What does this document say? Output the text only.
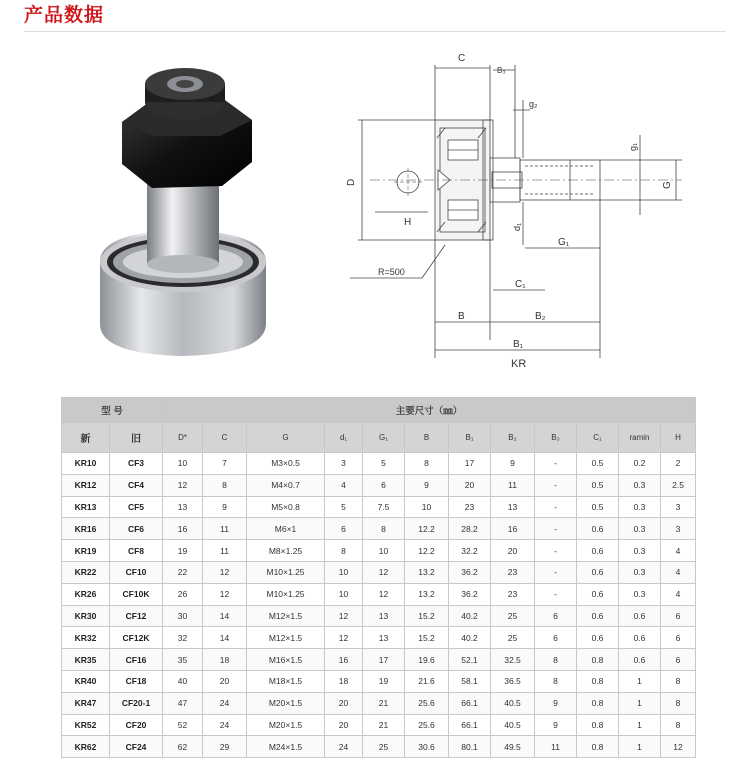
产品数据
C
B₃
g₂
g₁
D	G
H	d₁
G₁
R=500
C₁
B	B₂
B₁
KR
型 号		主要尺寸（㎜）											
新	旧	D*	C	G	d₁	G₁	B	B₁	B₂	B₃	C₁	ramin	H
KR10	CF3	10	7	M3×0.5	3	5	8	17	9	-	0.5	0.2	2
KR12	CF4	12	8	M4×0.7	4	6	9	20	11	-	0.5	0.3	2.5
KR13	CF5	13	9	M5×0.8	5	7.5	10	23	13	-	0.5	0.3	3
KR16	CF6	16	11	M6×1	6	8	12.2	28.2	16	-	0.6	0.3	3
KR19	CF8	19	11	M8×1.25	8	10	12.2	32.2	20	-	0.6	0.3	4
KR22	CF10	22	12	M10×1.25	10	12	13.2	36.2	23	-	0.6	0.3	4
KR26	CF10K	26	12	M10×1.25	10	12	13.2	36.2	23	-	0.6	0.3	4
KR30	CF12	30	14	M12×1.5	12	13	15.2	40.2	25	6	0.6	0.6	6
KR32	CF12K	32	14	M12×1.5	12	13	15.2	40.2	25	6	0.6	0.6	6
KR35	CF16	35	18	M16×1.5	16	17	19.6	52.1	32.5	8	0.8	0.6	6
KR40	CF18	40	20	M18×1.5	18	19	21.6	58.1	36.5	8	0.8	1	8
KR47	CF20-1	47	24	M20×1.5	20	21	25.6	66.1	40.5	9	0.8	1	8
KR52	CF20	52	24	M20×1.5	20	21	25.6	66.1	40.5	9	0.8	1	8
KR62	CF24	62	29	M24×1.5	24	25	30.6	80.1	49.5	11	0.8	1	12
